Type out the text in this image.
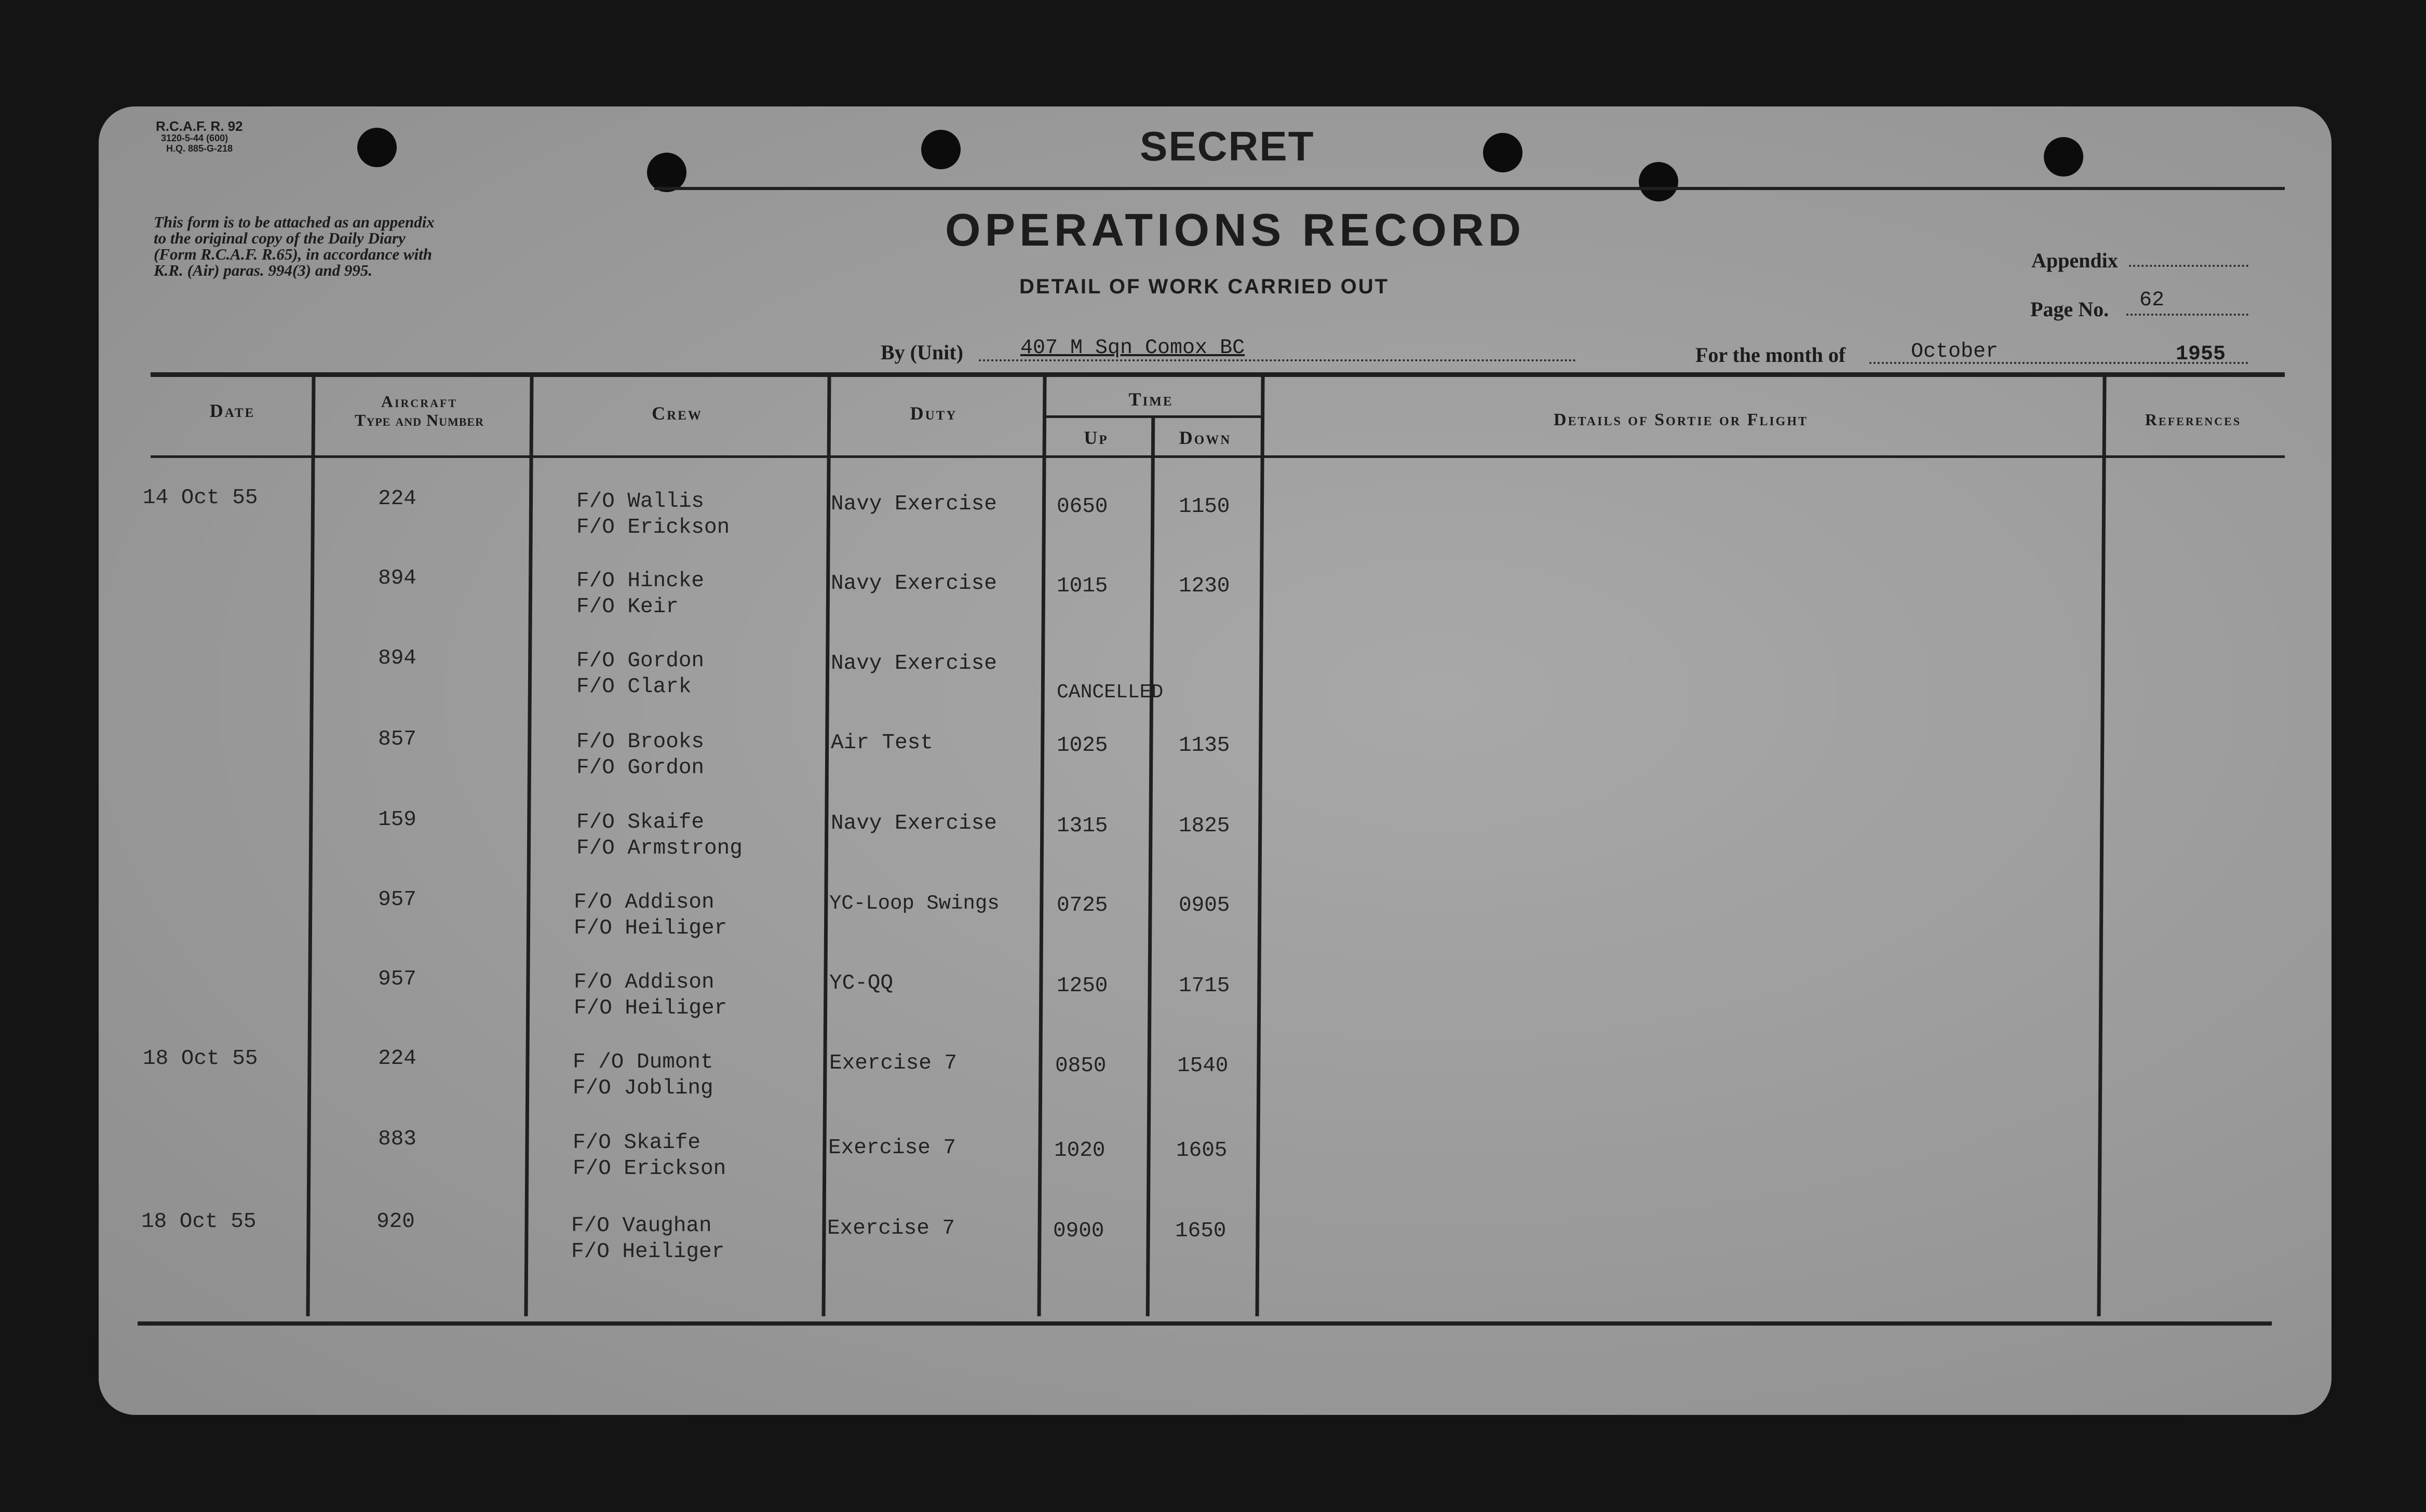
R.C.A.F. R. 92
3120-5-44 (600)
H.Q. 885-G-218	SECRET
This form is to be attached as an appendix to the original copy of the Daily Diary (Form R.C.A.F. R.65), in accordance with K.R. (Air) paras. 994(3) and 995.
OPERATIONS RECORD
DETAIL OF WORK CARRIED OUT
Appendix
Page No. 62
By (Unit)	407 M Sqn Comox BC	For the month of	October	1955
Date	Aircraft
Type and Number	Crew	Duty
Time
Up	Down
Details of Sortie or Flight	References
14 Oct 55	224	F/O Wallis
F/O Erickson
Navy Exercise	0650	1150
894	F/O Hincke
F/O Keir
Navy Exercise	1015	1230
894	F/O Gordon
F/O Clark
Navy Exercise
CANCELLED
857	F/O Brooks
F/O Gordon
Air Test	1025	1135
159	F/O Skaife
F/O Armstrong
Navy Exercise	1315	1825
957	F/O Addison
F/O Heiliger
YC-Loop Swings	0725	0905
957	F/O Addison
F/O Heiliger
YC-QQ	1250	1715
18 Oct 55	224	F /O Dumont
F/O Jobling
Exercise 7	0850	1540
883	F/O Skaife
F/O Erickson
Exercise 7	1020	1605
18 Oct 55	920	F/O Vaughan
F/O Heiliger
Exercise 7	0900	1650
